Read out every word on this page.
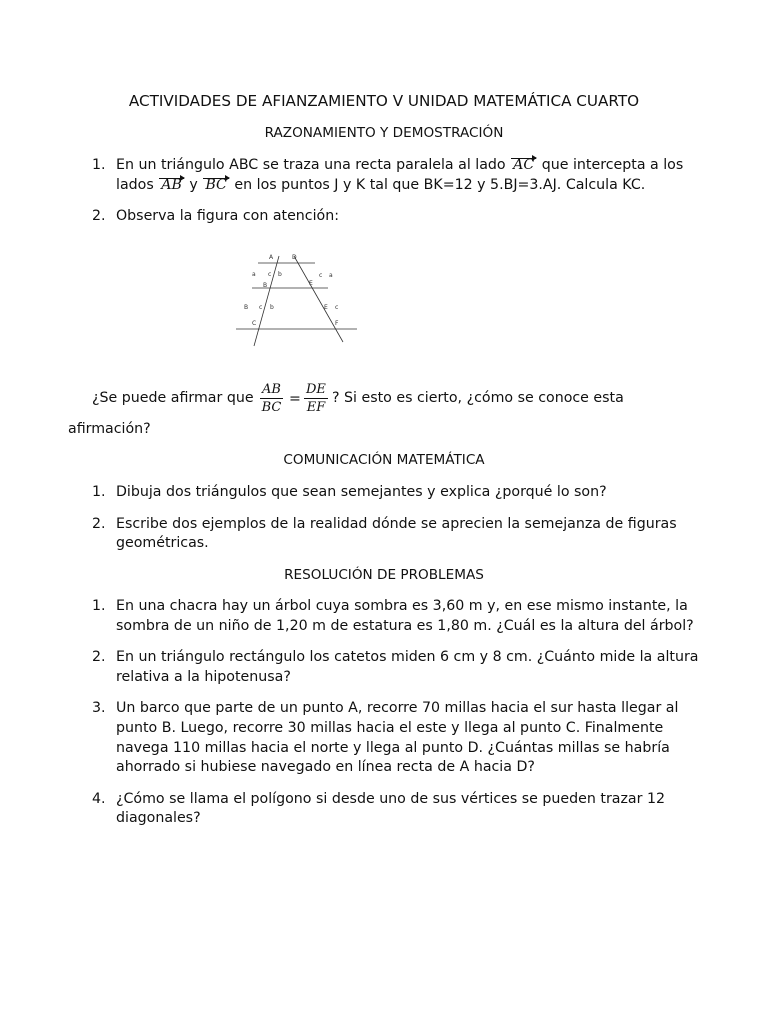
ACTIVIDADES DE AFIANZAMIENTO V UNIDAD MATEMÁTICA CUARTO
RAZONAMIENTO Y DEMOSTRACIÓN
1. En un triángulo ABC se traza una recta paralela al lado AC que intercepta a los
lados AB y BC en los puntos J y K tal que BK=12 y 5.BJ=3.AJ. Calcula KC.
2. Observa la figura con atención:
A	D
a c b
B	E
c a
B c b	E c
C	F
¿Se puede afirmar que $\frac{AB}{BC} = \frac{DE}{EF}$ ? Si esto es cierto, ¿cómo se conoce esta
afirmación?
COMUNICACIÓN MATEMÁTICA
1. Dibuja dos triángulos que sean semejantes y explica ¿porqué lo son?
2. Escribe dos ejemplos de la realidad dónde se aprecien la semejanza de figuras geométricas.
RESOLUCIÓN DE PROBLEMAS
1. En una chacra hay un árbol cuya sombra es 3,60 m y, en ese mismo instante, la sombra de un niño de 1,20 m de estatura es 1,80 m. ¿Cuál es la altura del árbol?
2. En un triángulo rectángulo los catetos miden 6 cm y 8 cm. ¿Cuánto mide la altura relativa a la hipotenusa?
3. Un barco que parte de un punto A, recorre 70 millas hacia el sur hasta llegar al punto B. Luego, recorre 30 millas hacia el este y llega al punto C. Finalmente navega 110 millas hacia el norte y llega al punto D. ¿Cuántas millas se habría ahorrado si hubiese navegado en línea recta de A hacia D?
4. ¿Cómo se llama el polígono si desde uno de sus vértices se pueden trazar 12 diagonales?
